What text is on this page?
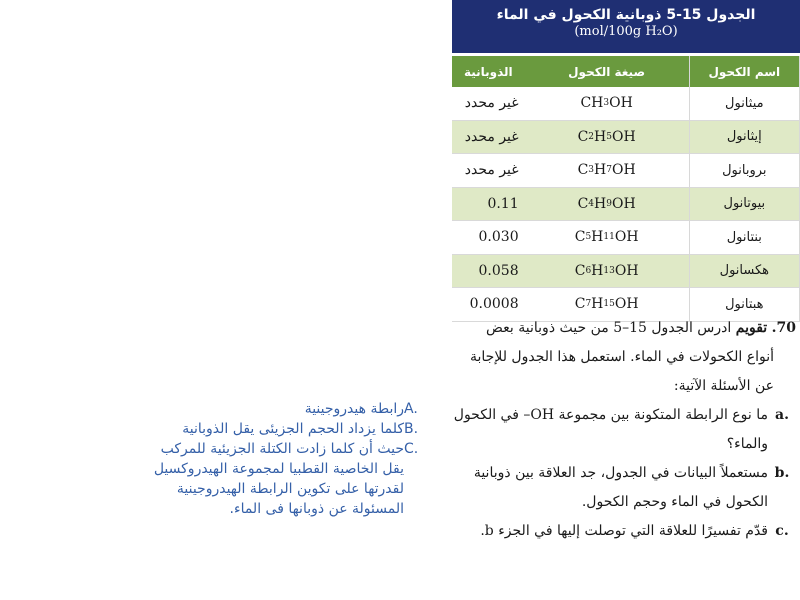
الجدول 15-5 ذوبانية الكحول في الماء
(mol/100g H₂O)
الذوبانية	صيغة الكحول	اسم الكحول
غير محدد	CH 3 OH	ميثانول
غير محدد	C 2 H 5 OH	إيثانول
غير محدد	C 3 H 7 OH	بروبانول
0.11	C 4 H 9 OH	بيوتانول
0.030	C 5 H 11 OH	بنتانول
0.058	C 6 H 13 OH	هكسانول
0.0008	C 7 H 15 OH	هبتانول
70. تقويم ادرس الجدول 15–5 من حيث ذوبانية بعض
أنواع الكحولات في الماء. استعمل هذا الجدول للإجابة
عن الأسئلة الآتية:
a.
ما نوع الرابطة المتكونة بين مجموعة OH– في الكحول والماء؟
b.
مستعملاً البيانات في الجدول، جد العلاقة بين ذوبانية الكحول في الماء وحجم الكحول.
c.
قدّم تفسيرًا للعلاقة التي توصلت إليها في الجزء b.
A.
رابطة هيدروجينية
B.
كلما يزداد الحجم الجزيئى يقل الذوبانية
C.
حيث أن كلما زادت الكتلة الجزيئية للمركب يقل الخاصية القطبيا لمجموعة الهيدروكسيل لقدرتها على تكوين الرابطة الهيدروجينية المسئولة عن ذوبانها فى الماء.
